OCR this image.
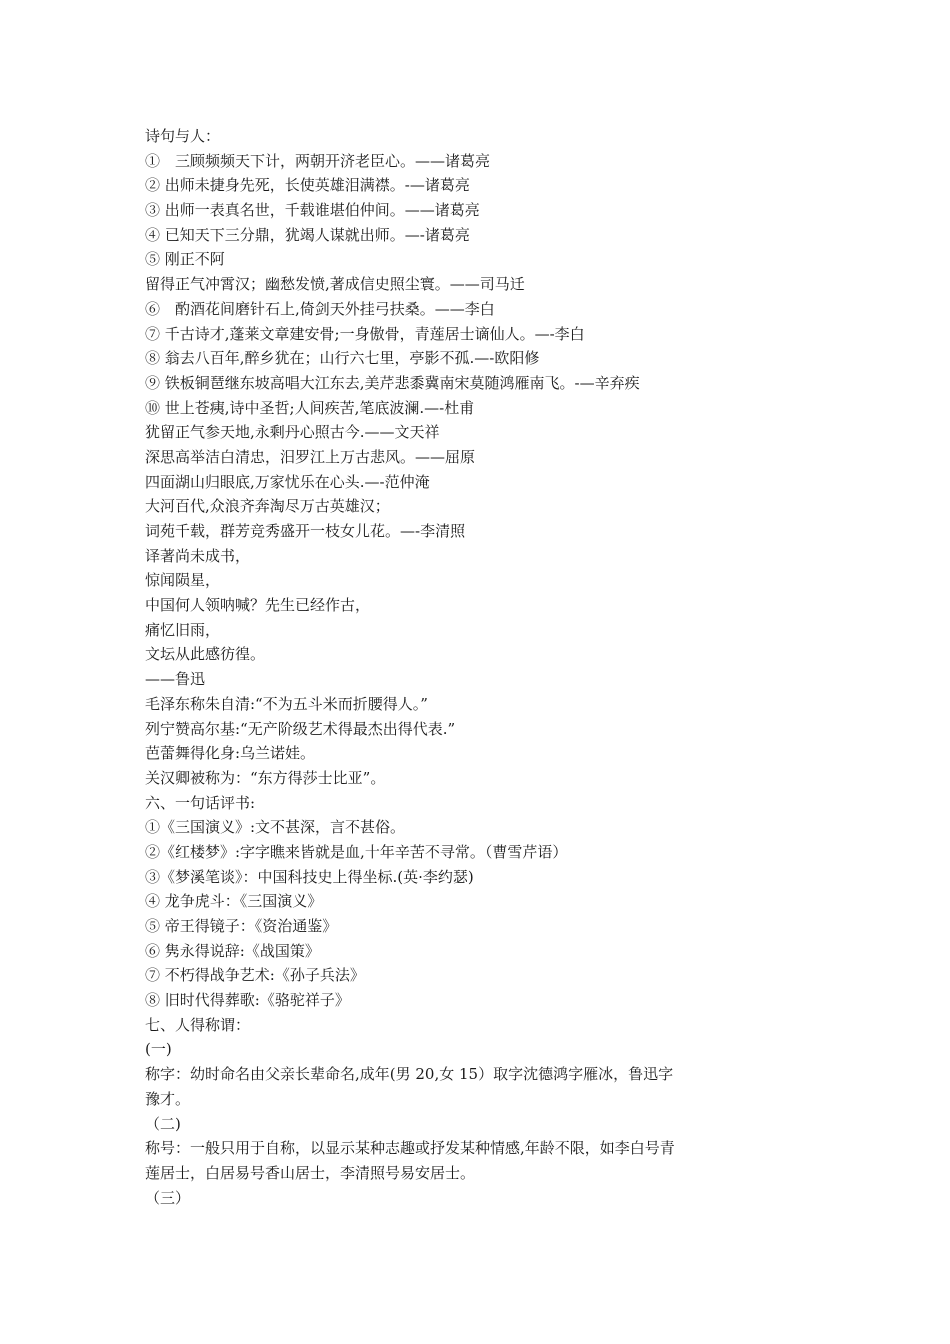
诗句与人：
①　三顾频频天下计，两朝开济老臣心。——诸葛亮
② 出师未捷身先死，长使英雄泪满襟。-—诸葛亮
③ 出师一表真名世，千载谁堪伯仲间。——诸葛亮
④ 已知天下三分鼎，犹竭人谋就出师。—-诸葛亮
⑤ 刚正不阿
留得正气冲霄汉；幽愁发愤,著成信史照尘寰。——司马迁
⑥　酌酒花间磨针石上,倚剑天外挂弓扶桑。——李白
⑦ 千古诗才,蓬莱文章建安骨;一身傲骨，青莲居士谪仙人。—-李白
⑧ 翁去八百年,醉乡犹在；山行六七里，亭影不孤.—-欧阳修
⑨ 铁板铜琶继东坡高唱大江东去,美芹悲黍冀南宋莫随鸿雁南飞。-—辛弃疾
⑩ 世上苍痍,诗中圣哲;人间疾苦,笔底波澜.—-杜甫
犹留正气参天地,永剩丹心照古今.——文天祥
深思高举洁白清忠，汨罗江上万古悲风。——屈原
四面湖山归眼底,万家忧乐在心头.—-范仲淹
大河百代,众浪齐奔淘尽万古英雄汉；
词苑千载，群芳竞秀盛开一枝女儿花。—-李清照
译著尚未成书，
惊闻陨星，
中国何人领呐喊？先生已经作古，
痛忆旧雨，
文坛从此感彷徨。
——鲁迅
毛泽东称朱自清:“不为五斗米而折腰得人。”
列宁赞高尔基:“无产阶级艺术得最杰出得代表.”
芭蕾舞得化身:乌兰诺娃。
关汉卿被称为：“东方得莎士比亚”。
六、一句话评书:
①《三国演义》:文不甚深，言不甚俗。
②《红楼梦》:字字瞧来皆就是血,十年辛苦不寻常。（曹雪芹语）
③《梦溪笔谈》：中国科技史上得坐标.(英·李约瑟)
④ 龙争虎斗：《三国演义》
⑤ 帝王得镜子：《资治通鉴》
⑥ 隽永得说辞:《战国策》
⑦ 不朽得战争艺术:《孙子兵法》
⑧ 旧时代得葬歌:《骆驼祥子》
七、人得称谓：
(一)
称字：幼时命名由父亲长辈命名,成年(男 20,女 15）取字沈德鸿字雁冰，鲁迅字
豫才。
（二)
称号：一般只用于自称，以显示某种志趣或抒发某种情感,年龄不限，如李白号青
莲居士，白居易号香山居士，李清照号易安居士。
（三）
